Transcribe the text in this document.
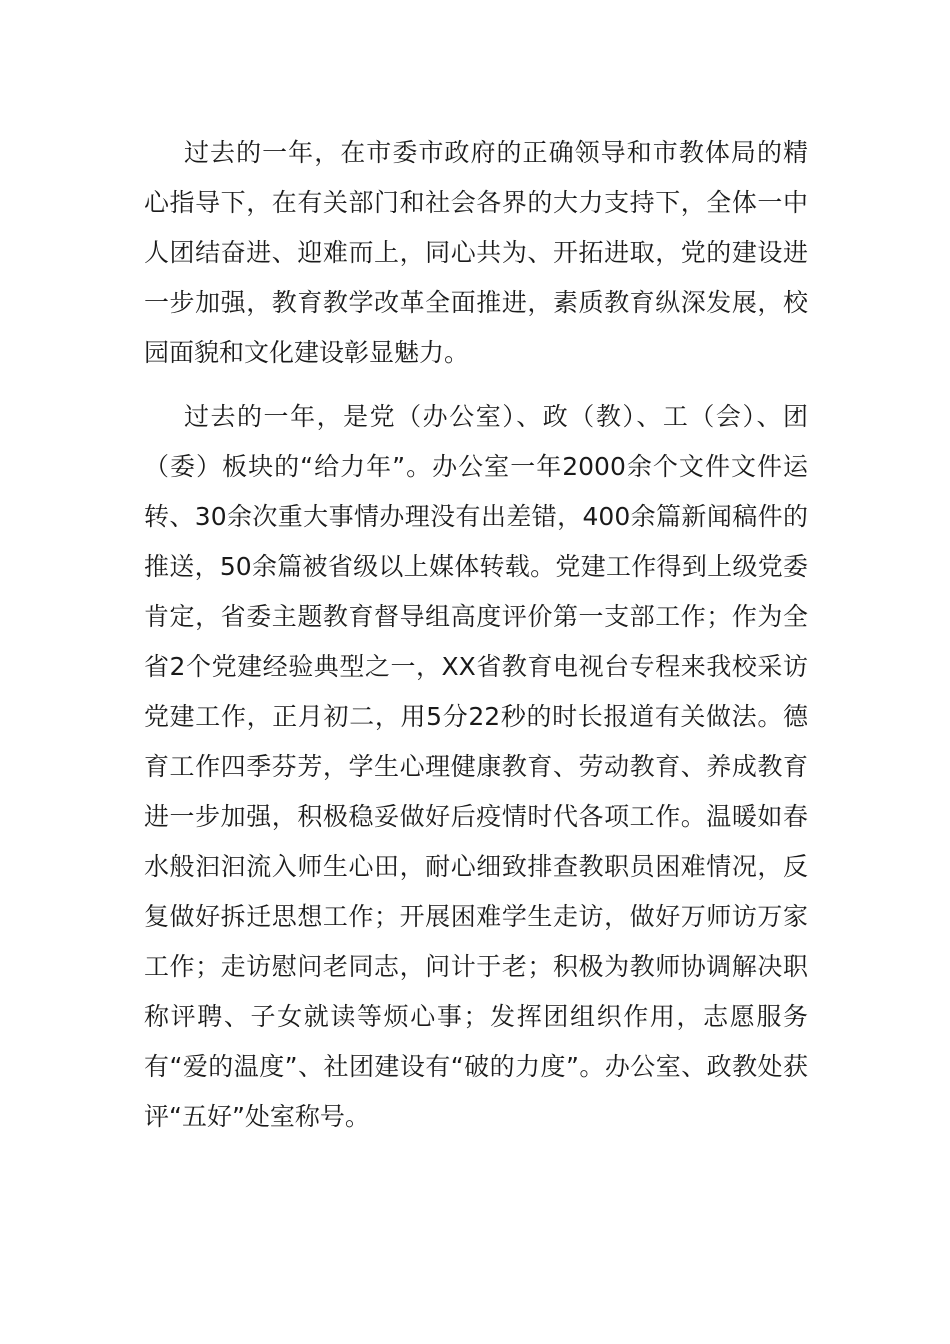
过去的一年，在市委市政府的正确领导和市教体局的精心指导下，在有关部门和社会各界的大力支持下，全体一中人团结奋进、迎难而上，同心共为、开拓进取，党的建设进一步加强，教育教学改革全面推进，素质教育纵深发展，校园面貌和文化建设彰显魅力。

过去的一年，是党（办公室）、政（教）、工（会）、团（委）板块的“给力年”。办公室一年2000余个文件文件运转、30余次重大事情办理没有出差错，400余篇新闻稿件的推送，50余篇被省级以上媒体转载。党建工作得到上级党委肯定，省委主题教育督导组高度评价第一支部工作；作为全省2个党建经验典型之一，XX省教育电视台专程来我校采访党建工作，正月初二，用5分22秒的时长报道有关做法。德育工作四季芬芳，学生心理健康教育、劳动教育、养成教育进一步加强，积极稳妥做好后疫情时代各项工作。温暖如春水般汩汩流入师生心田，耐心细致排查教职员困难情况，反复做好拆迁思想工作；开展困难学生走访，做好万师访万家工作；走访慰问老同志，问计于老；积极为教师协调解决职称评聘、子女就读等烦心事；发挥团组织作用，志愿服务有“爱的温度”、社团建设有“破的力度”。办公室、政教处获评“五好”处室称号。
